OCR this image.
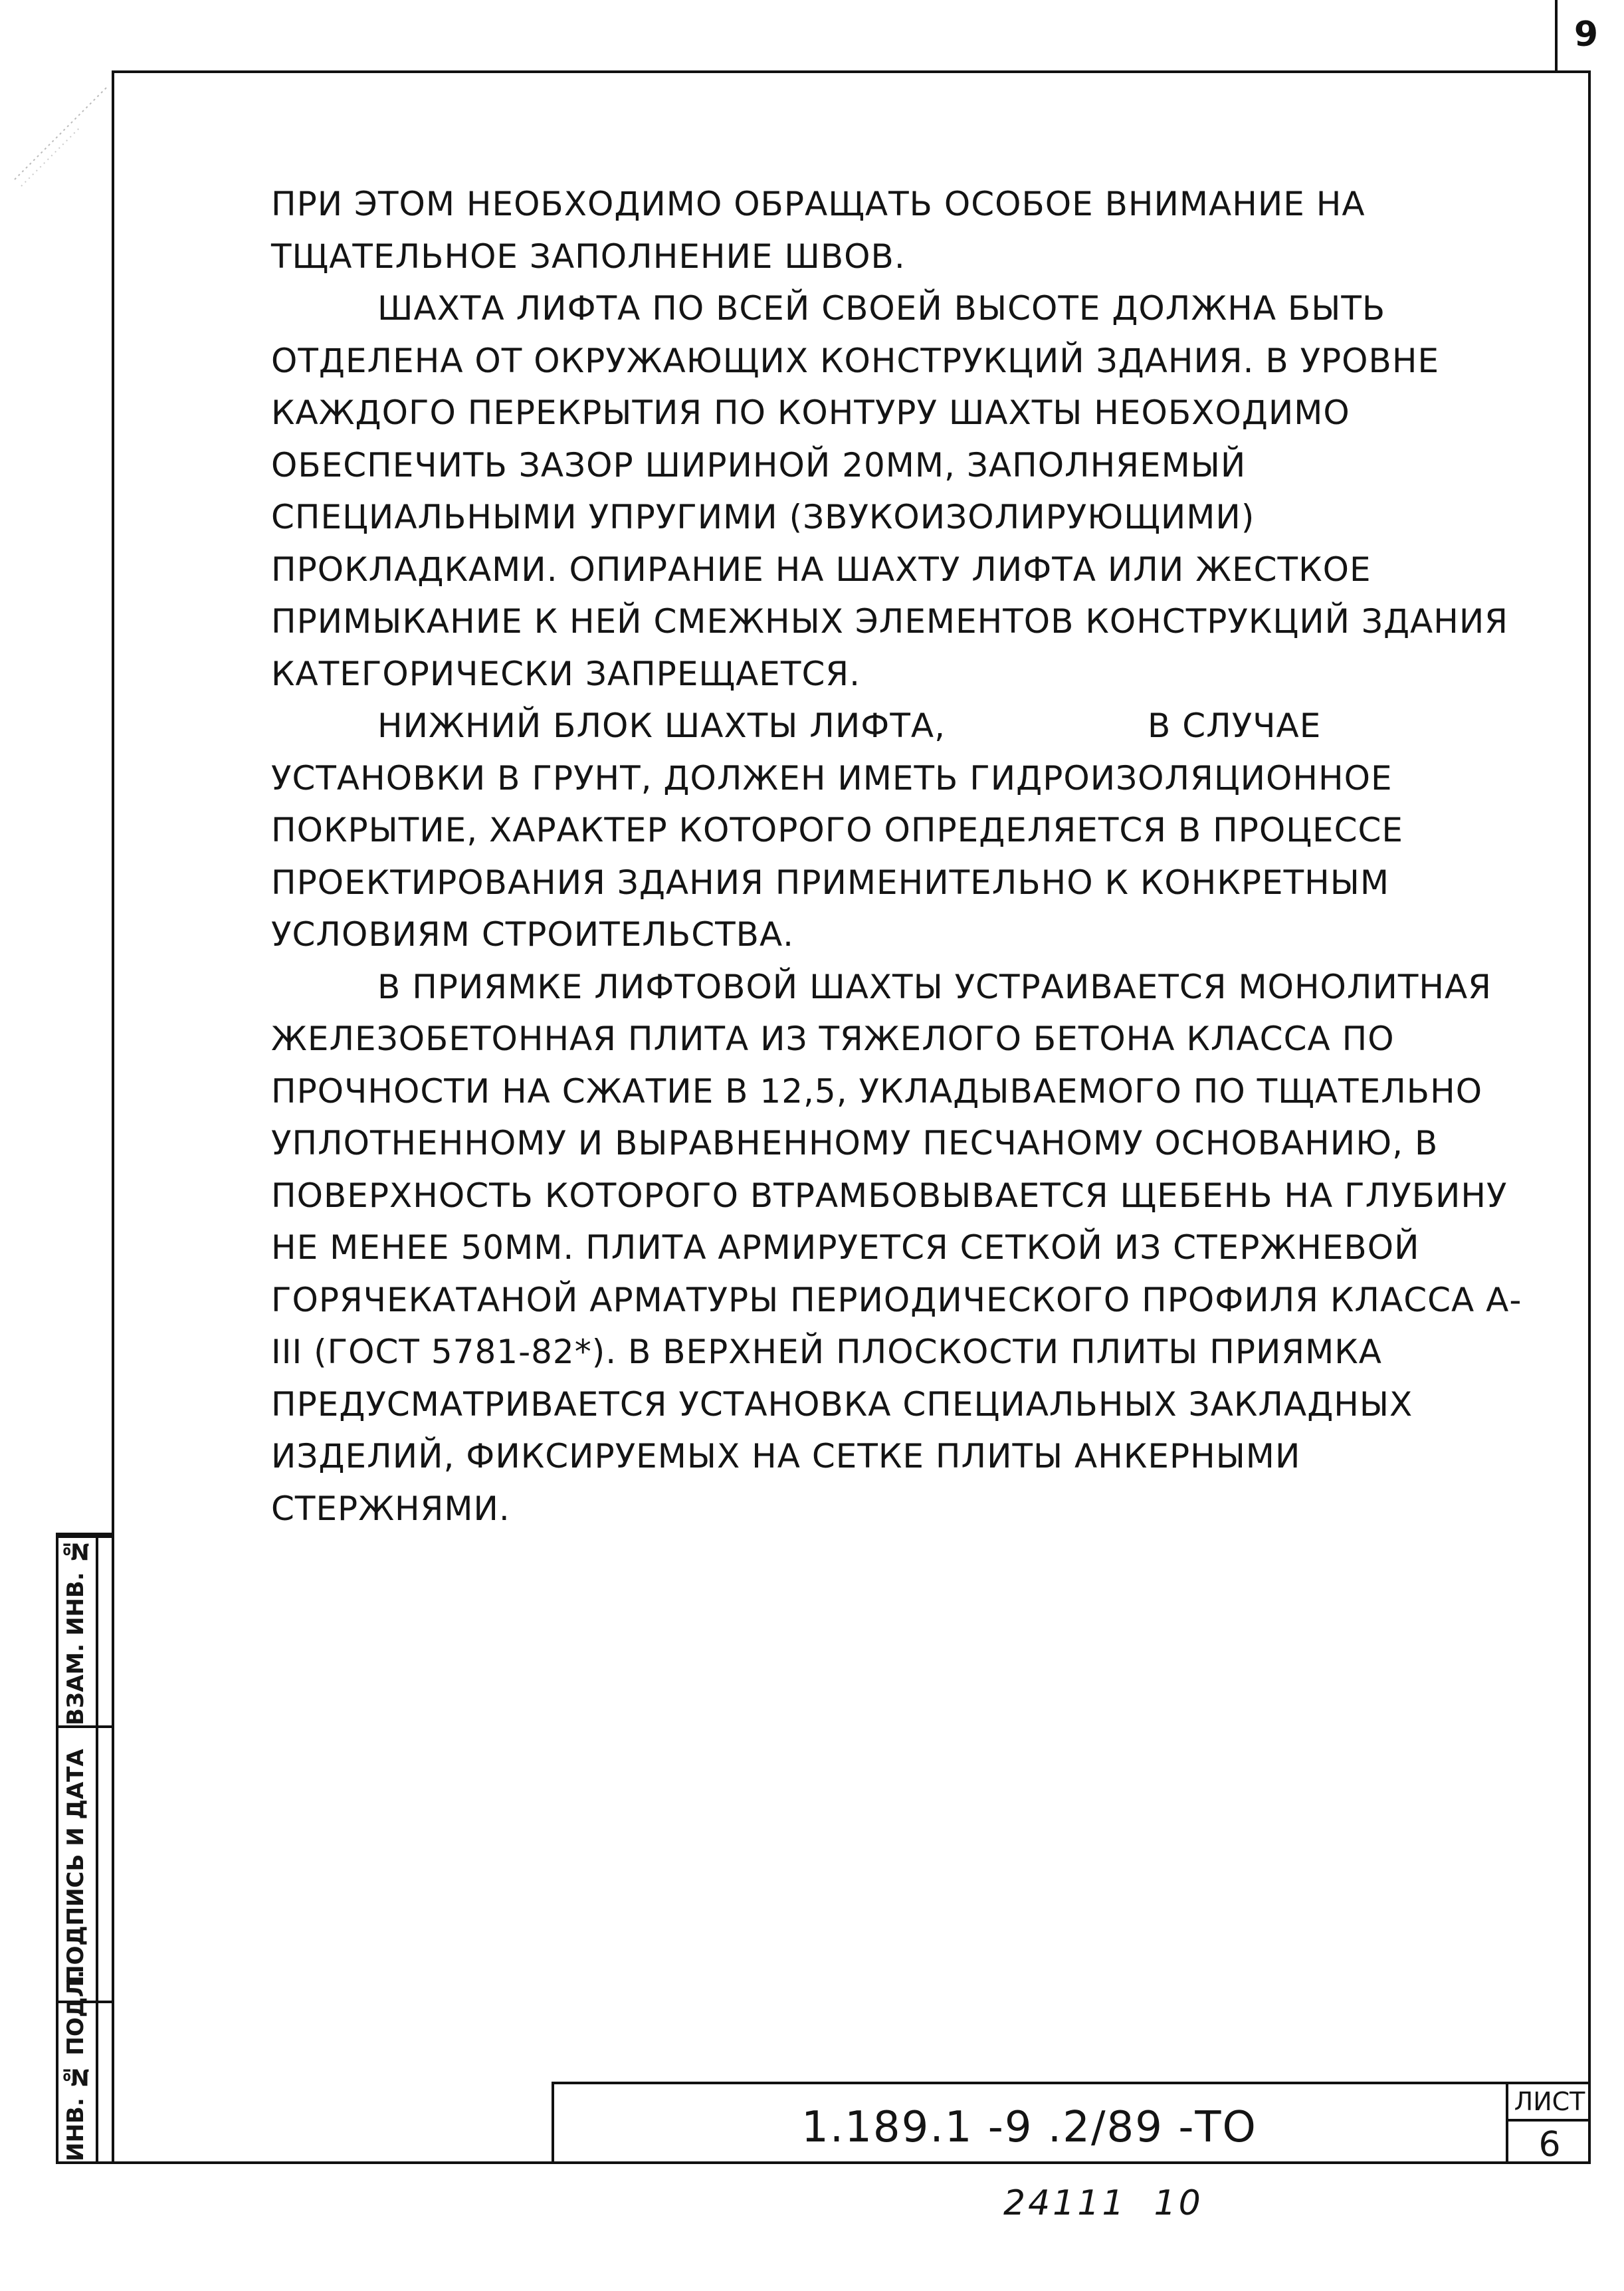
9

ПРИ ЭТОМ НЕОБХОДИМО ОБРАЩАТЬ ОСОБОЕ ВНИМАНИЕ НА ТЩАТЕЛЬНОЕ ЗАПОЛНЕНИЕ ШВОВ.

ШАХТА ЛИФТА ПО ВСЕЙ СВОЕЙ ВЫСОТЕ ДОЛЖНА БЫТЬ ОТДЕЛЕНА ОТ ОКРУЖАЮЩИХ КОНСТРУКЦИЙ ЗДАНИЯ. В УРОВНЕ КАЖДОГО ПЕРЕКРЫТИЯ ПО КОНТУРУ ШАХТЫ НЕОБХОДИМО ОБЕСПЕЧИТЬ ЗАЗОР ШИРИНОЙ 20ММ, ЗАПОЛНЯЕМЫЙ СПЕЦИАЛЬНЫМИ УПРУГИМИ (ЗВУКОИЗОЛИРУЮЩИМИ) ПРОКЛАДКАМИ. ОПИРАНИЕ НА ШАХТУ ЛИФТА ИЛИ ЖЕСТКОЕ ПРИМЫКАНИЕ К НЕЙ СМЕЖНЫХ ЭЛЕМЕНТОВ КОНСТРУКЦИЙ ЗДАНИЯ КАТЕГОРИЧЕСКИ ЗАПРЕЩАЕТСЯ.

НИЖНИЙ БЛОК ШАХТЫ ЛИФТА,                  В СЛУЧАЕ УСТАНОВКИ В ГРУНТ, ДОЛЖЕН ИМЕТЬ ГИДРОИЗОЛЯЦИОННОЕ ПОКРЫТИЕ, ХАРАКТЕР КОТОРОГО ОПРЕДЕЛЯЕТСЯ В ПРОЦЕССЕ ПРОЕКТИРОВАНИЯ ЗДАНИЯ ПРИМЕНИТЕЛЬНО К КОНКРЕТНЫМ УСЛОВИЯМ СТРОИТЕЛЬСТВА.

В ПРИЯМКЕ ЛИФТОВОЙ ШАХТЫ УСТРАИВАЕТСЯ МОНОЛИТНАЯ ЖЕЛЕЗОБЕТОННАЯ ПЛИТА ИЗ ТЯЖЕЛОГО БЕТОНА КЛАССА ПО ПРОЧНОСТИ НА СЖАТИЕ В 12,5, УКЛАДЫВАЕМОГО ПО ТЩАТЕЛЬНО УПЛОТНЕННОМУ И ВЫРАВНЕННОМУ ПЕСЧАНОМУ ОСНОВАНИЮ, В ПОВЕРХНОСТЬ КОТОРОГО ВТРАМБОВЫВАЕТСЯ ЩЕБЕНЬ НА ГЛУБИНУ НЕ МЕНЕЕ 50ММ. ПЛИТА АРМИРУЕТСЯ СЕТКОЙ ИЗ СТЕРЖНЕВОЙ ГОРЯЧЕКАТАНОЙ АРМАТУРЫ ПЕРИОДИЧЕСКОГО ПРОФИЛЯ КЛАССА А-III (ГОСТ 5781-82*). В ВЕРХНЕЙ ПЛОСКОСТИ ПЛИТЫ ПРИЯМКА ПРЕДУСМАТРИВАЕТСЯ УСТАНОВКА СПЕЦИАЛЬНЫХ ЗАКЛАДНЫХ ИЗДЕЛИЙ, ФИКСИРУЕМЫХ НА СЕТКЕ ПЛИТЫ АНКЕРНЫМИ СТЕРЖНЯМИ.

ВЗАМ. ИНВ. №
ПОДПИСЬ И ДАТА
ИНВ. № ПОДЛ.	1.189.1 -9 .2/89 -ТО
ЛИСТ
6
24111  10
